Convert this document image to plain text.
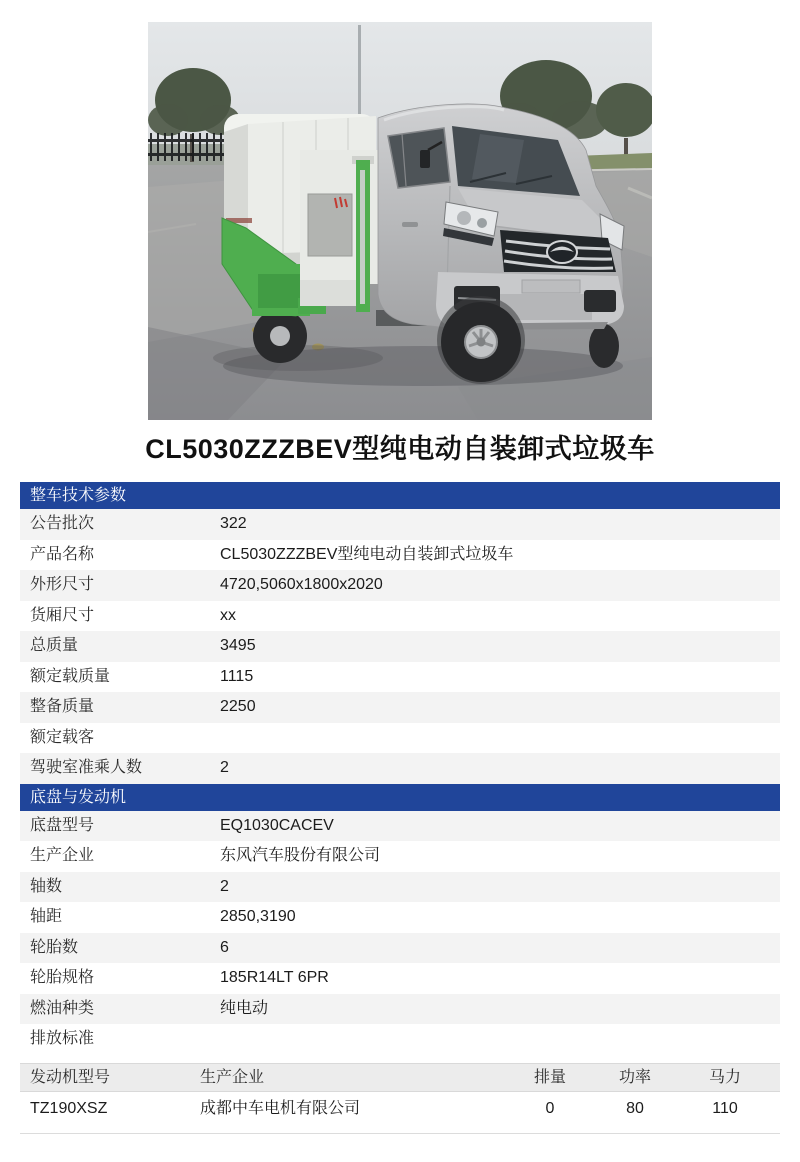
CL5030ZZZBEV型纯电动自装卸式垃圾车
整车技术参数
公告批次	322
产品名称	CL5030ZZZBEV型纯电动自装卸式垃圾车
外形尺寸	4720,5060x1800x2020
货厢尺寸	xx
总质量	3495
额定载质量	1115
整备质量	2250
额定载客
驾驶室准乘人数	2
底盘与发动机
底盘型号	EQ1030CACEV
生产企业	东风汽车股份有限公司
轴数	2
轴距	2850,3190
轮胎数	6
轮胎规格	185R14LT 6PR
燃油种类	纯电动
排放标准
发动机型号	生产企业	排量	功率	马力
TZ190XSZ	成都中车电机有限公司	0	80	110
